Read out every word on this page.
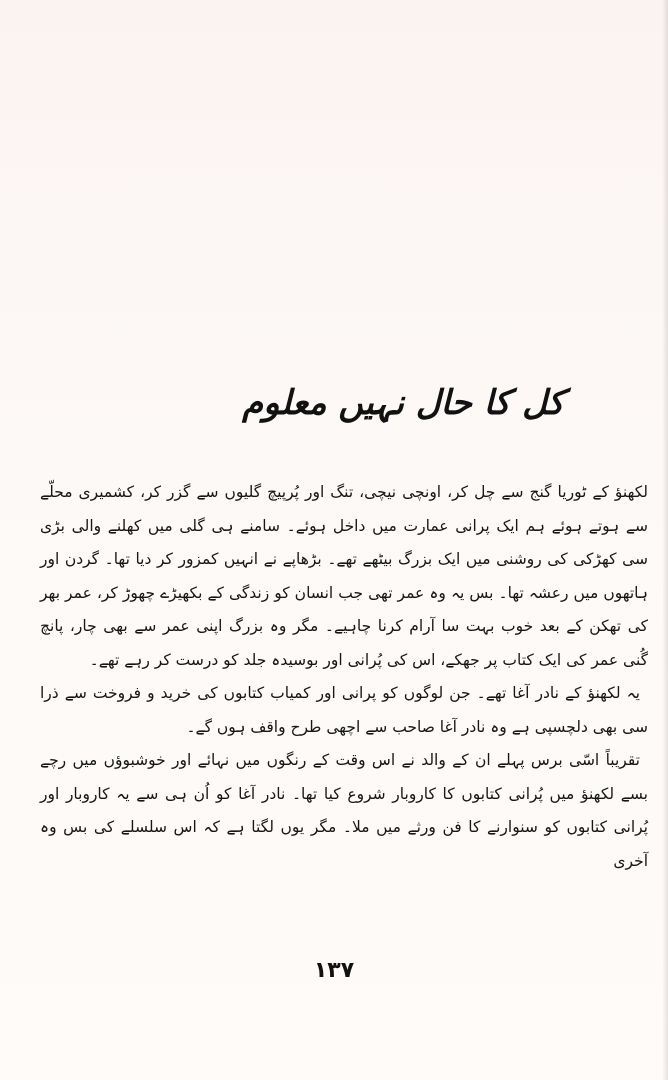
کل کا حال نہیں معلوم

لکھنؤ کے ٹوریا گنج سے چل کر، اونچی نیچی، تنگ اور پُرپیچ گلیوں سے گزر کر، کشمیری محلّے سے ہوتے ہوئے ہم ایک پرانی عمارت میں داخل ہوئے۔ سامنے ہی گلی میں کھلنے والی بڑی سی کھڑکی کی روشنی میں ایک بزرگ بیٹھے تھے۔ بڑھاپے نے انہیں کمزور کر دیا تھا۔ گردن اور ہاتھوں میں رعشہ تھا۔ بس یہ وہ عمر تھی جب انسان کو زندگی کے بکھیڑے چھوڑ کر، عمر بھر کی تھکن کے بعد خوب بہت سا آرام کرنا چاہیے۔ مگر وہ بزرگ اپنی عمر سے بھی چار، پانچ گُنی عمر کی ایک کتاب پر جھکے، اس کی پُرانی اور بوسیدہ جلد کو درست کر رہے تھے۔

یہ لکھنؤ کے نادر آغا تھے۔ جن لوگوں کو پرانی اور کمیاب کتابوں کی خرید و فروخت سے ذرا سی بھی دلچسپی ہے وہ نادر آغا صاحب سے اچھی طرح واقف ہوں گے۔

تقریباً اسّی برس پہلے ان کے والد نے اس وقت کے رنگوں میں نہائے اور خوشبوؤں میں رچے بسے لکھنؤ میں پُرانی کتابوں کا کاروبار شروع کیا تھا۔ نادر آغا کو اُن ہی سے یہ کاروبار اور پُرانی کتابوں کو سنوارنے کا فن ورثے میں ملا۔ مگر یوں لگتا ہے کہ اس سلسلے کی بس وہ آخری

۱۳۷
